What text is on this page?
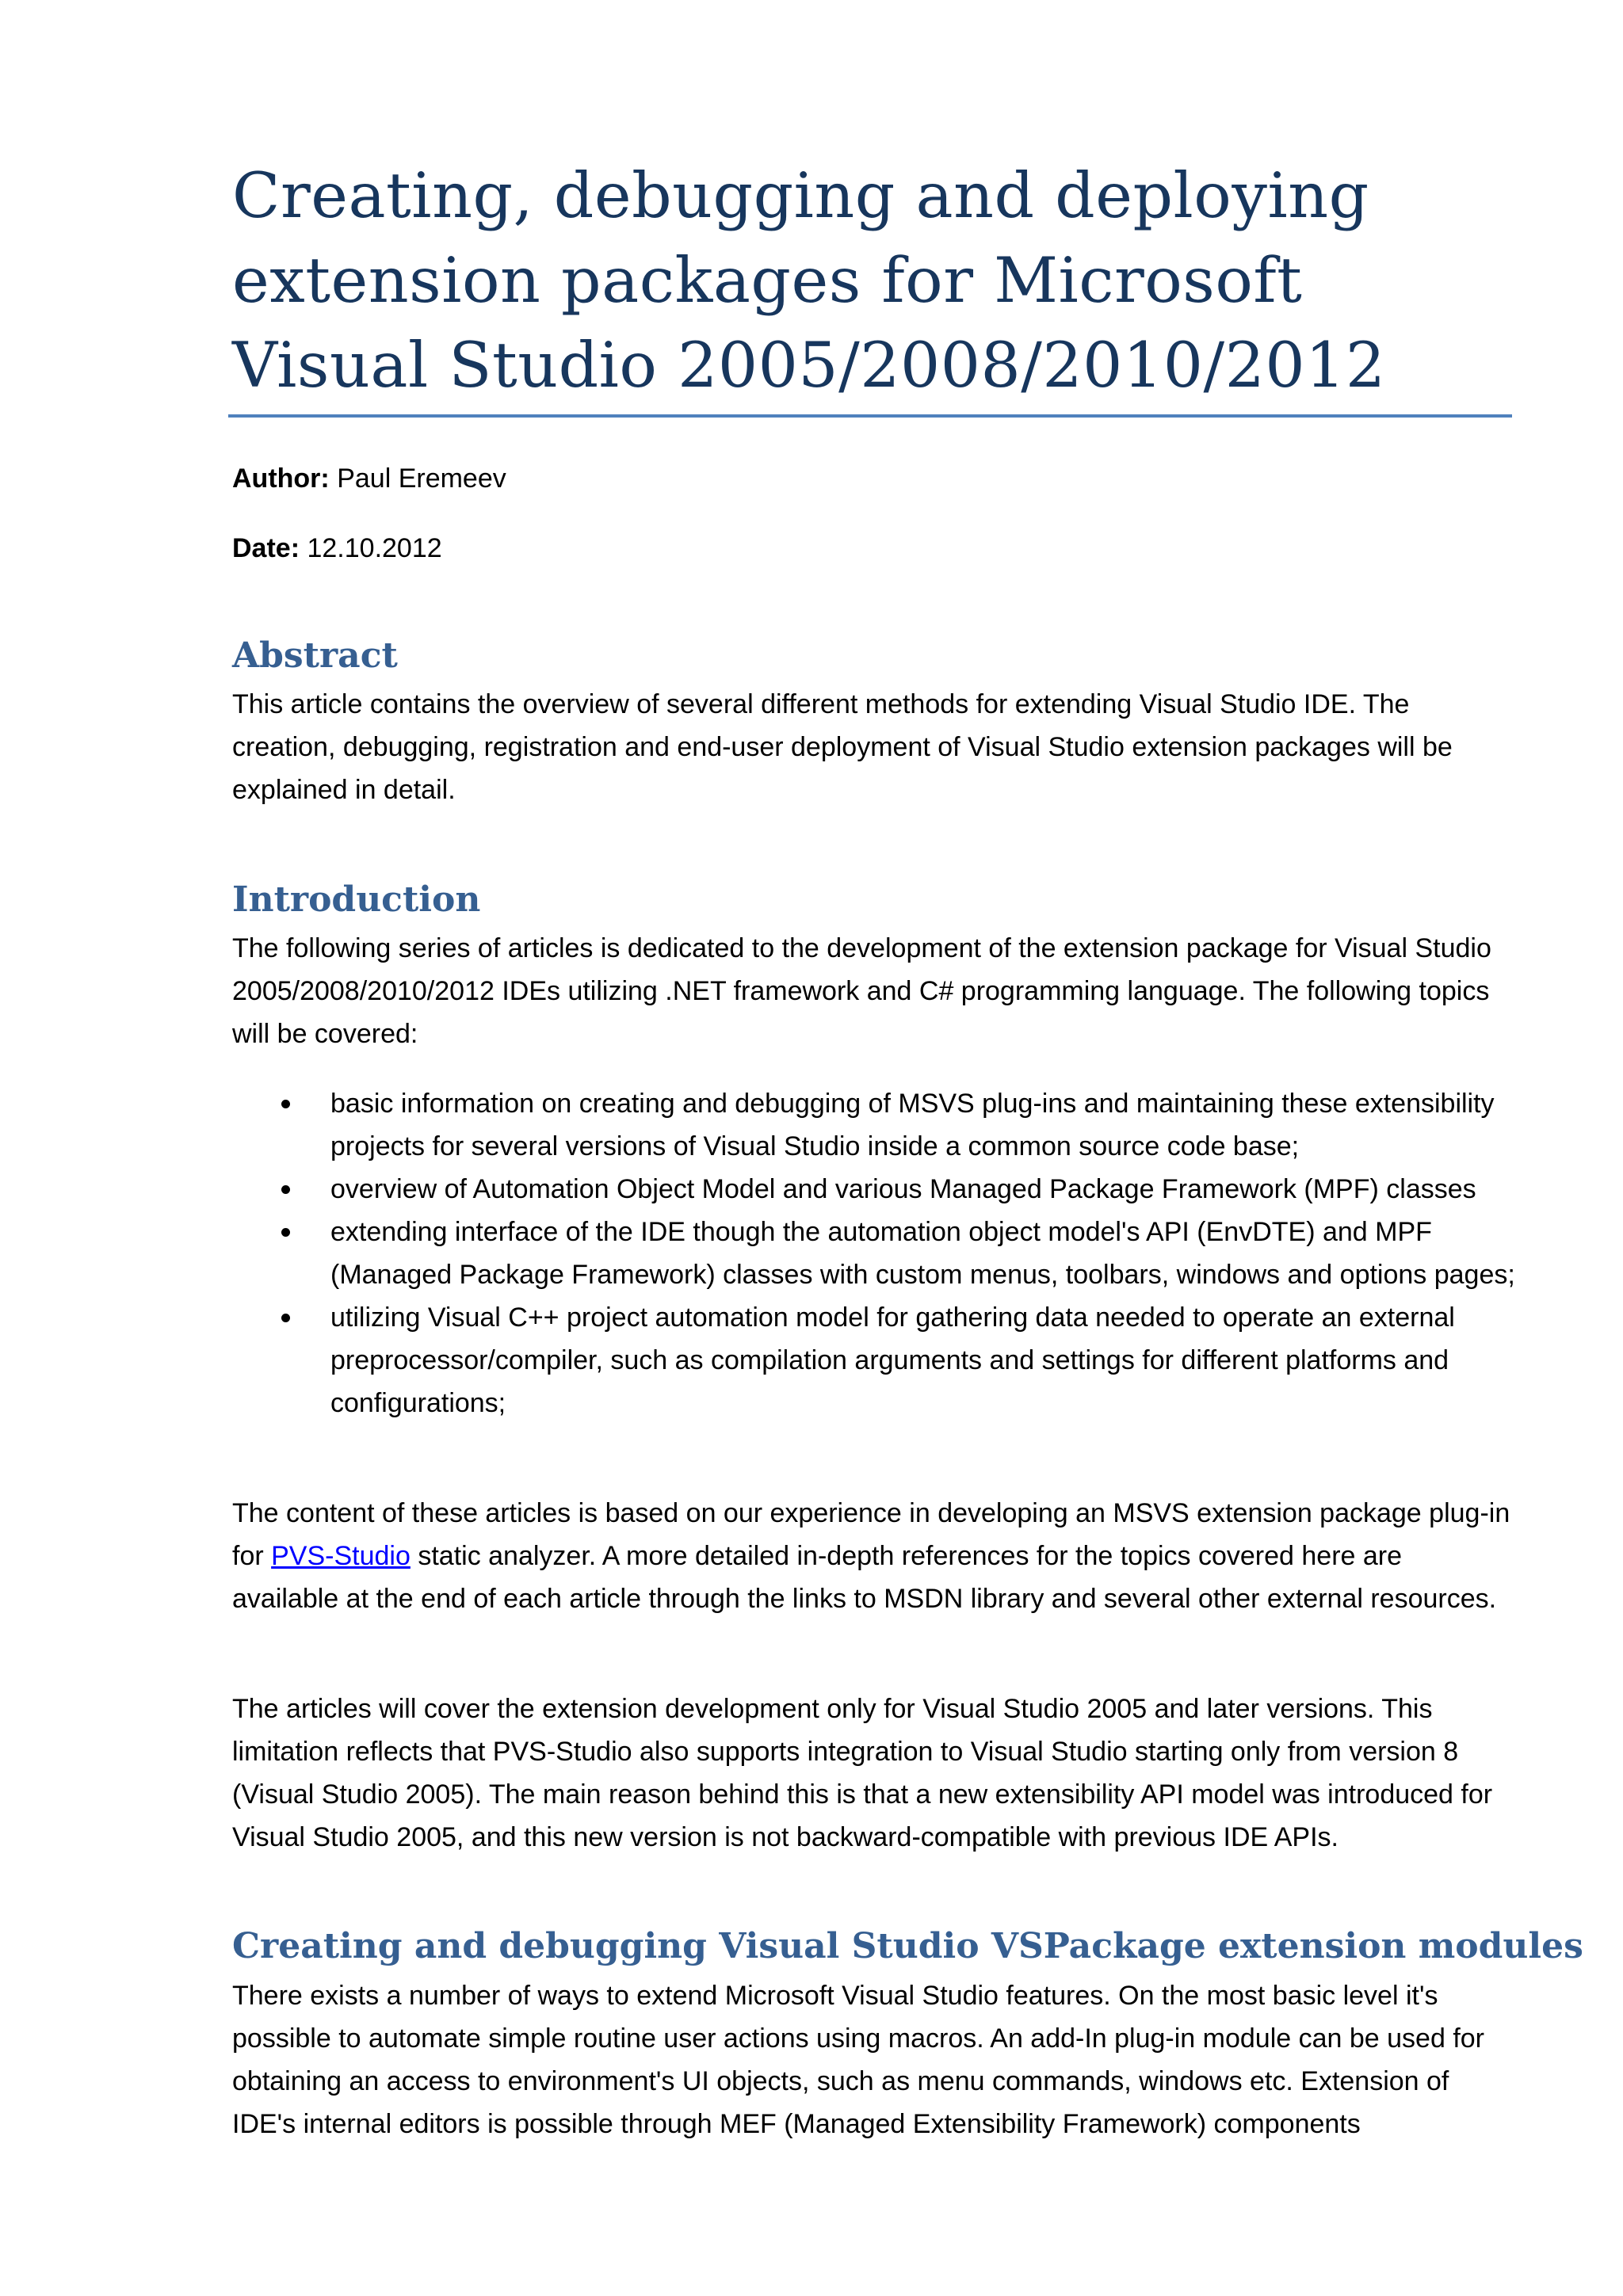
Creating, debugging and deploying extension packages for Microsoft Visual Studio 2005/2008/2010/2012

Author: Paul Eremeev

Date: 12.10.2012

Abstract

This article contains the overview of several different methods for extending Visual Studio IDE. The creation, debugging, registration and end-user deployment of Visual Studio extension packages will be explained in detail.

Introduction

The following series of articles is dedicated to the development of the extension package for Visual Studio 2005/2008/2010/2012 IDEs utilizing .NET framework and C# programming language. The following topics will be covered:

basic information on creating and debugging of MSVS plug-ins and maintaining these extensibility projects for several versions of Visual Studio inside a common source code base;
overview of Automation Object Model and various Managed Package Framework (MPF) classes
extending interface of the IDE though the automation object model's API (EnvDTE) and MPF (Managed Package Framework) classes with custom menus, toolbars, windows and options pages;
utilizing Visual C++ project automation model for gathering data needed to operate an external preprocessor/compiler, such as compilation arguments and settings for different platforms and configurations;

The content of these articles is based on our experience in developing an MSVS extension package plug-in for PVS-Studio static analyzer. A more detailed in-depth references for the topics covered here are available at the end of each article through the links to MSDN library and several other external resources.

The articles will cover the extension development only for Visual Studio 2005 and later versions. This limitation reflects that PVS-Studio also supports integration to Visual Studio starting only from version 8 (Visual Studio 2005). The main reason behind this is that a new extensibility API model was introduced for Visual Studio 2005, and this new version is not backward-compatible with previous IDE APIs.

Creating and debugging Visual Studio VSPackage extension modules

There exists a number of ways to extend Microsoft Visual Studio features. On the most basic level it's possible to automate simple routine user actions using macros. An add-In plug-in module can be used for obtaining an access to environment's UI objects, such as menu commands, windows etc. Extension of IDE's internal editors is possible through MEF (Managed Extensibility Framework) components
